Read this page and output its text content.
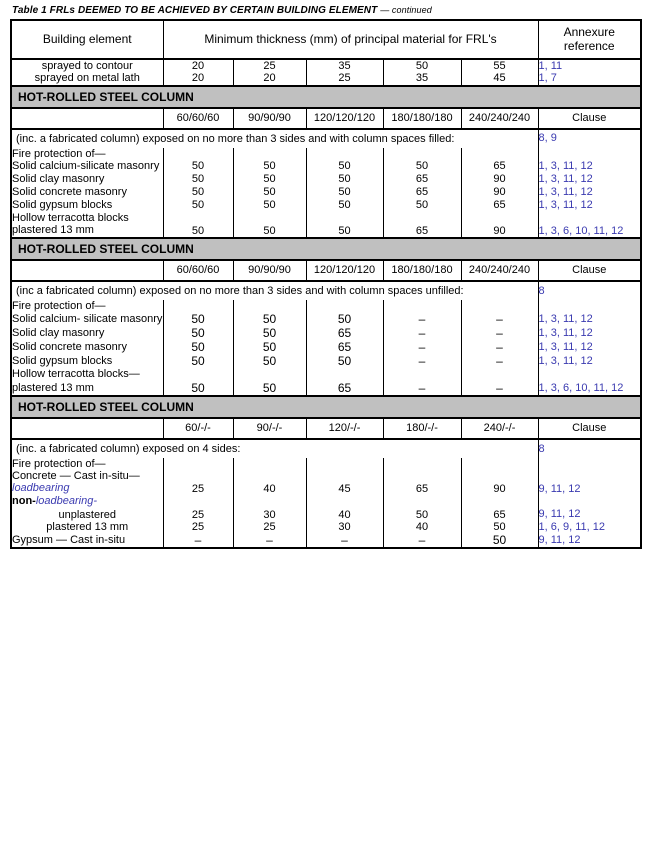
Table 1 FRLs DEEMED TO BE ACHIEVED BY CERTAIN BUILDING ELEMENT — continued
Building element	Minimum thickness (mm) of principal material for FRL's					Annexure
reference
sprayed to contour	20	25	35	50	55	1, 11
sprayed on metal lath	20	20	25	35	45	1, 7
HOT-ROLLED STEEL COLUMN						
	60/60/60	90/90/90	120/120/120	180/180/180	240/240/240	Clause
(inc. a fabricated column) exposed on no more than 3 sides and with column spaces filled:						8, 9
Fire protection of—						
Solid calcium-silicate masonry	50	50	50	50	65	1, 3, 11, 12
Solid clay masonry	50	50	50	65	90	1, 3, 11, 12
Solid concrete masonry	50	50	50	65	90	1, 3, 11, 12
Solid gypsum blocks	50	50	50	50	65	1, 3, 11, 12
Hollow terracotta blocks						
plastered 13 mm	50	50	50	65	90	1, 3, 6, 10, 11, 12
HOT-ROLLED STEEL COLUMN						
	60/60/60	90/90/90	120/120/120	180/180/180	240/240/240	Clause
(inc a fabricated column) exposed on no more than 3 sides and with column spaces unfilled:						8
Fire protection of—						
Solid calcium- silicate masonry	50	50	50	–	–	1, 3, 11, 12
Solid clay masonry	50	50	65	–	–	1, 3, 11, 12
Solid concrete masonry	50	50	65	–	–	1, 3, 11, 12
Solid gypsum blocks	50	50	50	–	–	1, 3, 11, 12
Hollow terracotta blocks—						
plastered 13 mm	50	50	65	–	–	1, 3, 6, 10, 11, 12
HOT-ROLLED STEEL COLUMN						
	60/-/-	90/-/-	120/-/-	180/-/-	240/-/-	Clause
(inc. a fabricated column) exposed on 4 sides:						8
Fire protection of—						
Concrete — Cast in-situ—						
loadbearing	25	40	45	65	90	9, 11, 12
non-loadbearing-						
unplastered	25	30	40	50	65	9, 11, 12
plastered 13 mm	25	25	30	40	50	1, 6, 9, 11, 12
Gypsum — Cast in-situ	–	–	–	–	50	9, 11, 12
